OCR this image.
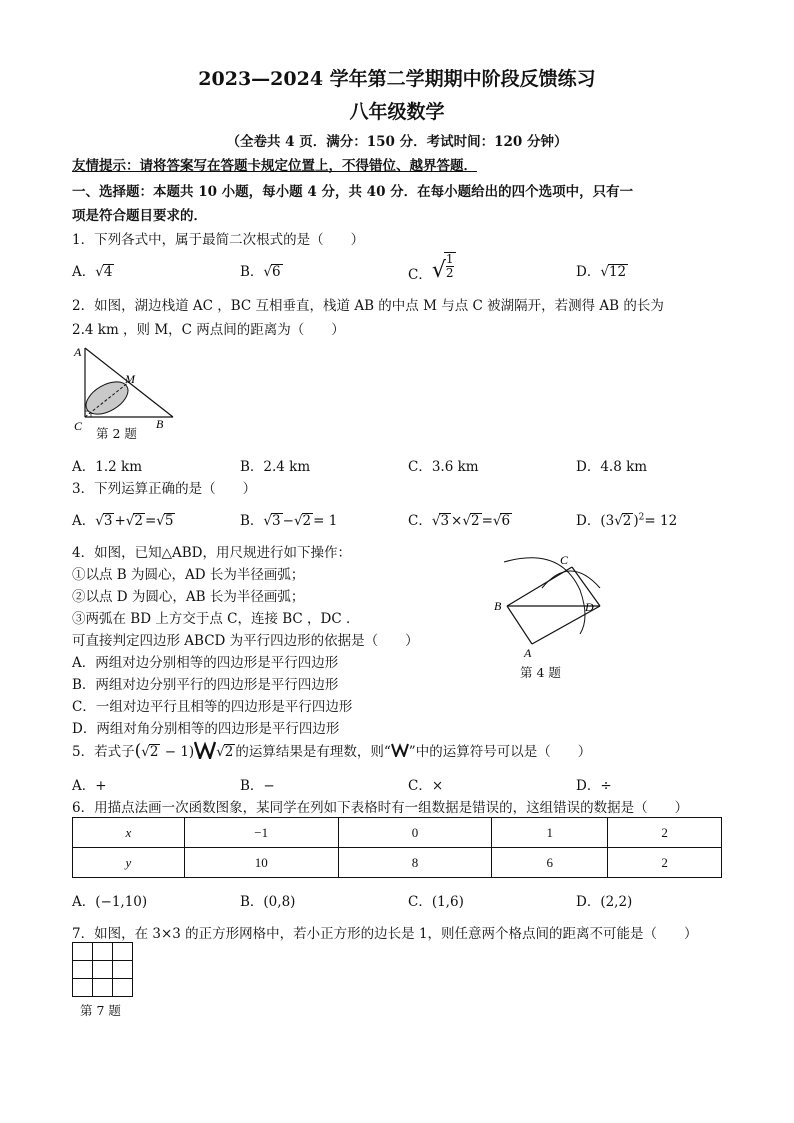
2023—2024 学年第二学期期中阶段反馈练习
八年级数学
（全卷共 4 页．满分：150 分．考试时间：120 分钟）
友情提示：请将答案写在答题卡规定位置上，不得错位、越界答题．
一、选择题：本题共 10 小题，每小题 4 分，共 40 分．在每小题给出的四个选项中，只有一
项是符合题目要求的．
1．下列各式中，属于最简二次根式的是（　　）
A．√4	B．√6	C．√
$\frac{1}{2}$	D．√12
2．如图，湖边栈道 AC ，BC 互相垂直，栈道 AB 的中点 M 与点 C 被湖隔开，若测得 AB 的长为
2.4 km ，则 M，C 两点间的距离为（　　）
A
M
C	B
第 2 题
A．1.2 km	B．2.4 km	C．3.6 km	D．4.8 km
3．下列运算正确的是（　　）
A．√3 +√2 =√5	B．√3 −√2 = 1	C．√3 ×√2 =√6	D．(3√2 )$^2$= 12
4．如图，已知△ABD，用尺规进行如下操作：
①以点 B 为圆心，AD 长为半径画弧；
②以点 D 为圆心，AB 长为半径画弧；
③两弧在 BD 上方交于点 C，连接 BC ，DC ．
可直接判定四边形 ABCD 为平行四边形的依据是（　　）
A．两组对边分别相等的四边形是平行四边形
B．两组对边分别平行的四边形是平行四边形
C．一组对边平行且相等的四边形是平行四边形
D．两组对角分别相等的四边形是平行四边形
B
C
D
A
第 4 题
5．若式子(√2 − 1) √2 的运算结果是有理数，则“ ”中的运算符号可以是（　　）
A．+	B．−	C．×	D．÷
6．用描点法画一次函数图象，某同学在列如下表格时有一组数据是错误的，这组错误的数据是（　　）
x	−1	0	1	2
y	10	8	6	2
A．(−1,10)	B．(0,8)	C．(1,6)	D．(2,2)
7．如图，在 3×3 的正方形网格中，若小正方形的边长是 1，则任意两个格点间的距离不可能是（　　）
第 7 题
